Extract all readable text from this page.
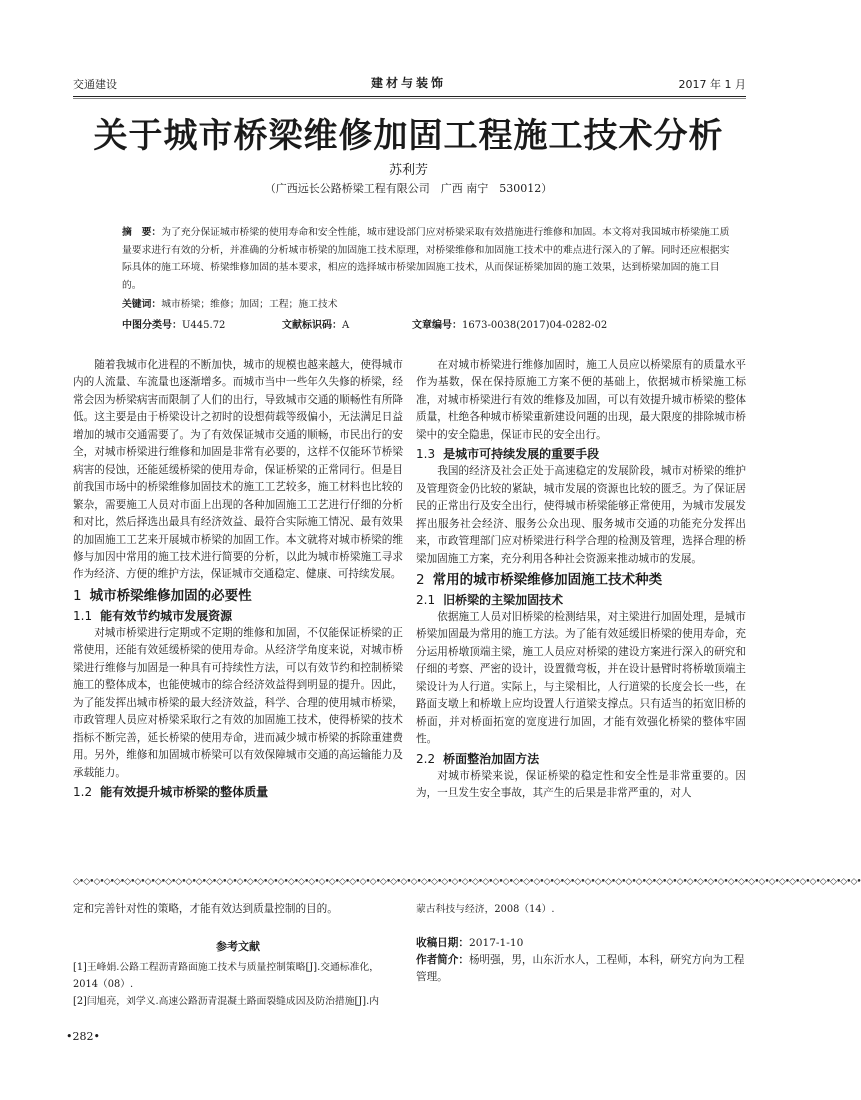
交通建设	建材与装饰	2017 年 1 月
关于城市桥梁维修加固工程施工技术分析
苏利芳
（广西远长公路桥梁工程有限公司　广西 南宁　530012）
摘　要：为了充分保证城市桥梁的使用寿命和安全性能，城市建设部门应对桥梁采取有效措施进行维修和加固。本文将对我国城市桥梁施工质量要求进行有效的分析，并准确的分析城市桥梁的加固施工技术原理，对桥梁维修和加固施工技术中的难点进行深入的了解。同时还应根据实际具体的施工环境、桥梁维修加固的基本要求，相应的选择城市桥梁加固施工技术，从而保证桥梁加固的施工效果，达到桥梁加固的施工目的。
关键词：城市桥梁；维修；加固；工程；施工技术
中图分类号：U445.72	文献标识码：A	文章编号：1673-0038(2017)04-0282-02

随着我城市化进程的不断加快，城市的规模也越来越大，使得城市内的人流量、车流量也逐渐增多。而城市当中一些年久失修的桥梁，经常会因为桥梁病害而限制了人们的出行，导致城市交通的顺畅性有所降低。这主要是由于桥梁设计之初时的设想荷载等级偏小，无法满足日益增加的城市交通需要了。为了有效保证城市交通的顺畅，市民出行的安全，对城市桥梁进行维修和加固是非常有必要的，这样不仅能环节桥梁病害的侵蚀，还能延缓桥梁的使用寿命，保证桥梁的正常同行。但是目前我国市场中的桥梁维修加固技术的施工工艺较多，施工材料也比较的繁杂，需要施工人员对市面上出现的各种加固施工工艺进行仔细的分析和对比，然后择选出最具有经济效益、最符合实际施工情况、最有效果的加固施工工艺来开展城市桥梁的加固工作。本文就将对城市桥梁的维修与加因中常用的施工技术进行简要的分析，以此为城市桥梁施工寻求作为经济、方便的维护方法，保证城市交通稳定、健康、可持续发展。

1 城市桥梁维修加固的必要性
1.1 能有效节约城市发展资源

对城市桥梁进行定期或不定期的维修和加固，不仅能保证桥梁的正常使用，还能有效延缓桥梁的使用寿命。从经济学角度来说，对城市桥梁进行维修与加固是一种具有可持续性方法，可以有效节约和控制桥梁施工的整体成本，也能使城市的综合经济效益得到明显的提升。因此，为了能发挥出城市桥梁的最大经济效益，科学、合理的使用城市桥梁，市政管理人员应对桥梁采取行之有效的加固施工技术，使得桥梁的技术指标不断完善，延长桥梁的使用寿命，进而减少城市桥梁的拆除重建费用。另外，维修和加固城市桥梁可以有效保障城市交通的高运输能力及承载能力。

1.2 能有效提升城市桥梁的整体质量

在对城市桥梁进行维修加固时，施工人员应以桥梁原有的质量水平作为基数，保在保持原施工方案不便的基础上，依据城市桥梁施工标准，对城市桥梁进行有效的维修及加固，可以有效提升城市桥梁的整体质量，杜绝各种城市桥梁重新建设问题的出现，最大限度的排除城市桥梁中的安全隐患，保证市民的安全出行。

1.3 是城市可持续发展的重要手段

我国的经济及社会正处于高速稳定的发展阶段，城市对桥梁的维护及管理资金仍比较的紧缺，城市发展的资源也比较的匮乏。为了保证居民的正常出行及安全出行，使得城市桥梁能够正常使用，为城市发展发挥出服务社会经济、服务公众出现、服务城市交通的功能充分发挥出来，市政管理部门应对桥梁进行科学合理的检测及管理，选择合理的桥梁加固施工方案，充分利用各种社会资源来推动城市的发展。

2 常用的城市桥梁维修加固施工技术种类
2.1 旧桥梁的主梁加固技术

依据施工人员对旧桥梁的检测结果，对主梁进行加固处理，是城市桥梁加固最为常用的施工方法。为了能有效延缓旧桥梁的使用寿命，充分运用桥墩顶端主梁，施工人员应对桥梁的建设方案进行深入的研究和仔细的考察、严密的设计，设置微弯板，并在设计悬臂时将桥墩顶端主梁设计为人行道。实际上，与主梁相比，人行道梁的长度会长一些，在路面支墩上和桥墩上应均设置人行道梁支撑点。只有适当的拓宽旧桥的桥面，并对桥面拓宽的宽度进行加固，才能有效强化桥梁的整体牢固性。

2.2 桥面整治加固方法

对城市桥梁来说，保证桥梁的稳定性和安全性是非常重要的。因为，一旦发生安全事故，其产生的后果是非常严重的，对人

◇•◇•◇•◇•◇•◇•◇•◇•◇•◇•◇•◇•◇•◇•◇•◇•◇•◇•◇•◇•◇•◇•◇•◇•◇•◇•◇•◇•◇•◇•◇•◇•◇•◇•◇•◇•◇•◇•◇•◇•◇•◇•◇•◇•◇•◇•◇•◇•◇•◇•◇•◇•◇•◇•◇•◇•◇•◇•◇•◇•◇•◇•◇•◇•◇•◇•◇•◇•◇•◇•◇•◇•◇•◇•◇•◇•◇•

定和完善针对性的策略，才能有效达到质量控制的目的。

参考文献

[1]王峰娟.公路工程沥青路面施工技术与质量控制策略[J].交通标准化，2014（08）.

[2]闫旭亮，刘学义.高速公路沥青混凝土路面裂缝成因及防治措施[J].内

蒙古科技与经济，2008（14）.

收稿日期：2017-1-10

作者简介：杨明强，男，山东沂水人，工程师，本科，研究方向为工程管理。

•282•
